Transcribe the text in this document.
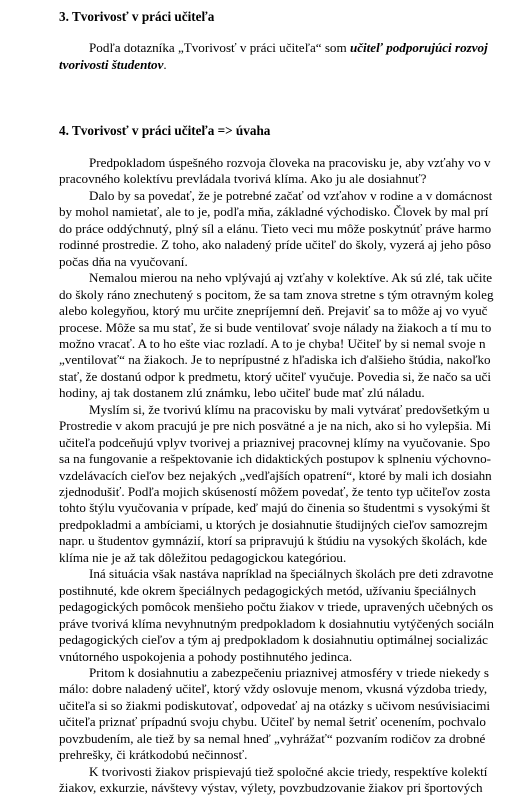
3. Tvorivosť v práci učiteľa
Podľa dotazníka „Tvorivosť v práci učiteľa“ som učiteľ podporujúci rozvoj
tvorivosti študentov.
4. Tvorivosť v práci učiteľa => úvaha
Predpokladom úspešného rozvoja človeka na pracovisku je, aby vzťahy vo v
pracovného kolektívu prevládala tvorivá klíma. Ako ju ale dosiahnuť?
Dalo by sa povedať, že je potrebné začať od vzťahov v rodine a v domácnost
by mohol namietať, ale to je, podľa mňa, základné východisko. Človek by mal prí
do práce oddýchnutý, plný síl a elánu. Tieto veci mu môže poskytnúť práve harmo
rodinné prostredie. Z toho, ako naladený príde učiteľ do školy, vyzerá aj jeho pôso
počas dňa na vyučovaní.
Nemalou mierou na neho vplývajú aj vzťahy v kolektíve. Ak sú zlé, tak učite
do školy ráno znechutený s pocitom, že sa tam znova stretne s tým otravným koleg
alebo kolegyňou, ktorý mu určite znepríjemní deň. Prejaviť sa to môže aj vo vyuč
procese. Môže sa mu stať, že si bude ventilovať svoje nálady na žiakoch a tí mu to
možno vracať. A to ho ešte viac rozladí. A to je chyba! Učiteľ by si nemal svoje n
„ventilovať“ na žiakoch. Je to neprípustné z hľadiska ich ďalšieho štúdia, nakoľko
stať, že dostanú odpor k predmetu, ktorý učiteľ vyučuje. Povedia si, že načo sa uči
hodiny, aj tak dostanem zlú známku, lebo učiteľ bude mať zlú náladu.
Myslím si, že tvorivú klímu na pracovisku by mali vytvárať predovšetkým u
Prostredie v akom pracujú je pre nich posvätné a je na nich, ako si ho vylepšia. Mi
učiteľa podceňujú vplyv tvorivej a priaznivej pracovnej klímy na vyučovanie. Spo
sa na fungovanie a rešpektovanie ich didaktických postupov k splneniu výchovno-
vzdelávacích cieľov bez nejakých „vedľajších opatrení“, ktoré by mali ich dosiahn
zjednodušiť. Podľa mojich skúseností môžem povedať, že tento typ učiteľov zosta
tohto štýlu vyučovania v prípade, keď majú do činenia so študentmi s vysokými št
predpokladmi a ambíciami, u ktorých je dosiahnutie študijných cieľov samozrejm
napr. u študentov gymnázií, ktorí sa pripravujú k štúdiu na vysokých školách, kde
klíma nie je až tak dôležitou pedagogickou kategóriou.
Iná situácia však nastáva napríklad na špeciálnych školách pre deti zdravotne
postihnuté, kde okrem špeciálnych pedagogických metód, užívaniu špeciálnych
pedagogických pomôcok menšieho počtu žiakov v triede, upravených učebných os
práve tvorivá klíma nevyhnutným predpokladom k dosiahnutiu vytýčených sociáln
pedagogických cieľov a tým aj predpokladom k dosiahnutiu optimálnej socializác
vnútorného uspokojenia a pohody postihnutého jedinca.
Pritom k dosiahnutiu a zabezpečeniu priaznivej atmosféry v triede niekedy s
málo: dobre naladený učiteľ, ktorý vždy oslovuje menom, vkusná výzdoba triedy,
učiteľa si so žiakmi podiskutovať, odpovedať aj na otázky s učivom nesúvisiacimi
učiteľa priznať prípadnú svoju chybu. Učiteľ by nemal šetriť ocenením, pochvalo
povzbudením, ale tiež by sa nemal hneď „vyhrážať“ pozvaním rodičov za drobné
prehrešky, či krátkodobú nečinnosť.
K tvorivosti žiakov prispievajú tiež spoločné akcie triedy, respektíve kolektí
žiakov, exkurzie, návštevy výstav, výlety, povzbudzovanie žiakov pri športových
